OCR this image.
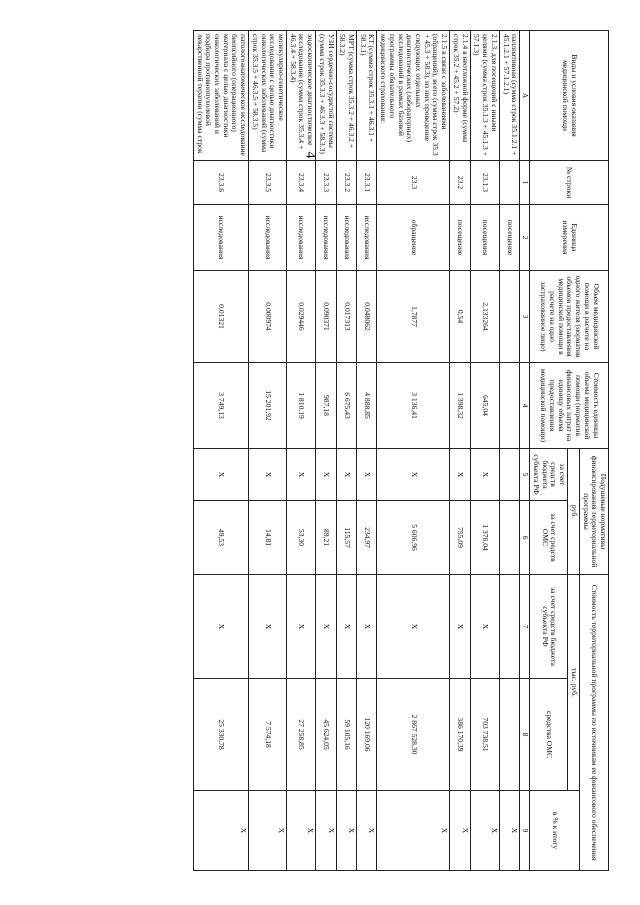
4
Виды и условия оказания медицинской помощи	№ строки	Единица измерения	Объем медицинской помощи в расчете на одного жителя (норматив объемов предоставления медицинской помощи в расчете на одно застрахованное лицо)	Стоимость единицы объема медицинской помощи (норматив финансовых затрат на единицу объема предоставления медицинской помощи)	Подушевые нормативы финансирования территориальной программы		Стоимость территориальной программы по источникам ее финансового обеспечения		
					руб.		тыс. руб.		в % к итогу
					за счет средств бюджета субъекта РФ	за счет средств ОМС	за счет средств бюджета субъекта РФ	средства ОМС	
А	1	2	3	4	5	6	7	8	9
паллиативная (сумма строк 35.1.2.1 + 45.1.2.1 + 57.1.2.1)		посещение							X
2.1.3. для посещений с иными целями (сумма строк 35.1.3 + 45.1.3 + 57.1.3)	23.1.3	посещения	2,133264	645,04	X	1 376,04	X	703 738,51	X
2.1.4 в неотложной форме (сумма строк 35.2 + 45.2 + 57.2)	23.2	посещение	0,54	1 398,32	X	755,09	X	386 170,39	X
2.1.5 в связи с заболеваниями (обращений), всего (сумма строк 35.3 + 45.3 + 58.3), из них проведение следующих отдельных диагностических (лабораторных) исследований в рамках базовой программы обязательного медицинского страхования:	23.3	обращение	1,7877	3 136,41	X	5 606,96	X	2 867 528,30	X
КТ (сумма строк 35.3.1 + 46.3.1 + 58.3.1)	23.3.1	исследования	0,048062	4 888,85	X	234,97	X	120 169,06	X
МРТ (сумма строк 35.3.2 + 46.3.2 + 58.3.2)	23.3.2	исследования	0,017313	6 675,43	X	115,57	X	59 105,16	X
УЗИ сердечно-сосудистой системы (сумма строк 35.3.3 + 46.3.3 + 58.3.3)	23.3.3	исследования	0,090371	987,18	X	89,21	X	45 624,05	X
эндоскопическое диагностическое исследование (сумма строк 35.3.4 + 46.3.4 + 58.3.4)	23.3.4	исследования	0,029446	1 810,19	X	53,30	X	27 258,85	X
молекулярно-генетическое исследование с целью диагностики онкологических заболеваний (сумма строк 35.3.5 + 46.3.5 + 58.3.5)	23.3.5	исследования	0,000974	15 201,92	X	14,81	X	7 574,18	X
патологоанатомическое исследование биопсийного (операционного) материала с целью диагностики онкологических заболеваний и подбора противоопухолевой лекарственной терапии (сумма строк	23.3.6	исследования	0,01321	3 749,13	X	49,53	X	25 330,78	X
